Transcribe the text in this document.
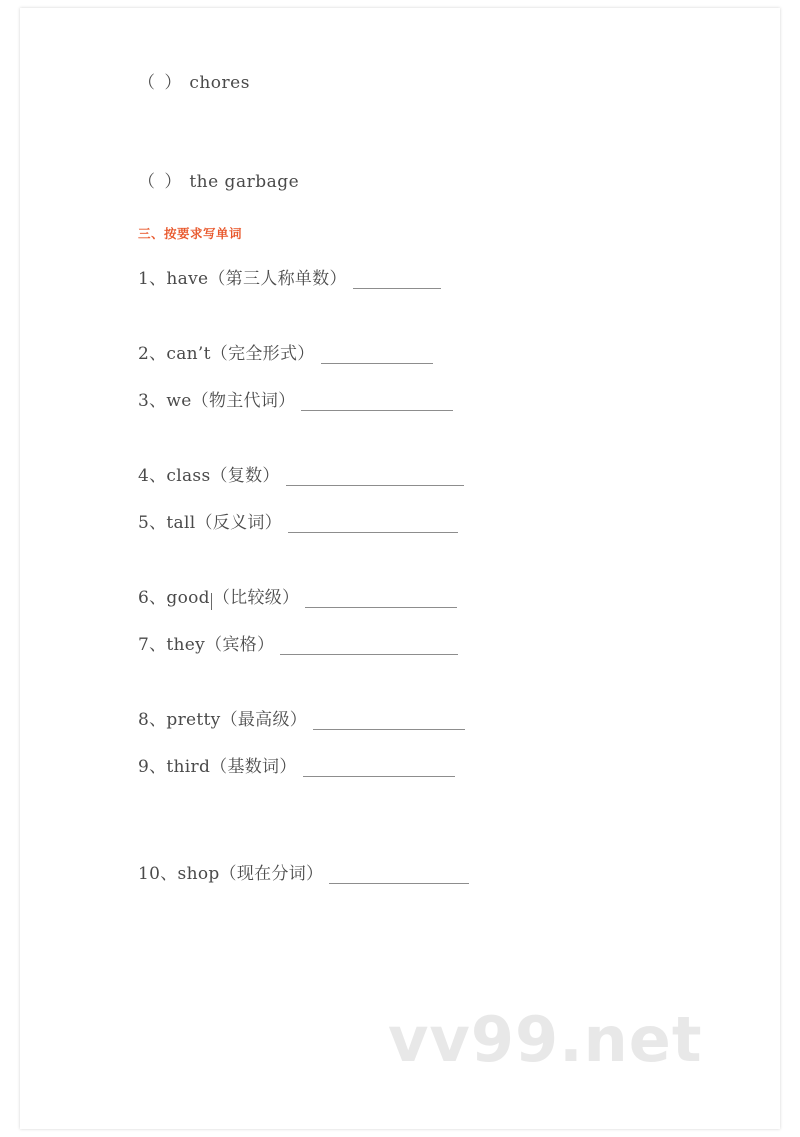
（ ） chores
（ ） the garbage
三、按要求写单词
1、 have （第三人称单数）
2、 can’t （完全形式）
3、 we （物主代词）
4、 class （复数）
5、 tall （反义词）
6、 good （比较级）
7、 they （宾格）
8、 pretty （最高级）
9、 third （基数词）
10、 shop （现在分词）
vv99.net
